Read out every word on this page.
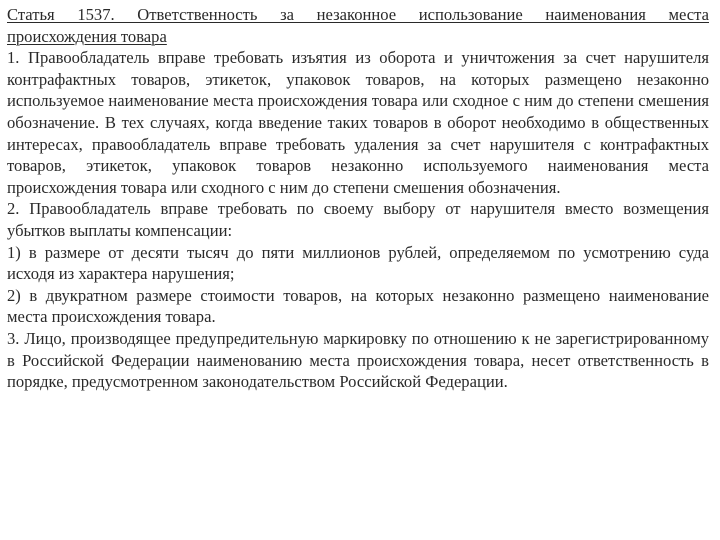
Статья 1537. Ответственность за незаконное использование наименования места

происхождения товара

1. Правообладатель вправе требовать изъятия из оборота и уничтожения за счет нарушителя контрафактных товаров, этикеток, упаковок товаров, на которых размещено незаконно используемое наименование места происхождения товара или сходное с ним до степени смешения обозначение. В тех случаях, когда введение таких товаров в оборот необходимо в общественных интересах, правообладатель вправе требовать удаления за счет нарушителя с контрафактных товаров, этикеток, упаковок товаров незаконно используемого наименования места происхождения товара или сходного с ним до степени смешения обозначения.

2. Правообладатель вправе требовать по своему выбору от нарушителя вместо возмещения убытков выплаты компенсации:

1) в размере от десяти тысяч до пяти миллионов рублей, определяемом по усмотрению суда исходя из характера нарушения;

2) в двукратном размере стоимости товаров, на которых незаконно размещено наименование места происхождения товара.

3. Лицо, производящее предупредительную маркировку по отношению к не зарегистрированному в Российской Федерации наименованию места происхождения товара, несет ответственность в порядке, предусмотренном законодательством Российской Федерации.
